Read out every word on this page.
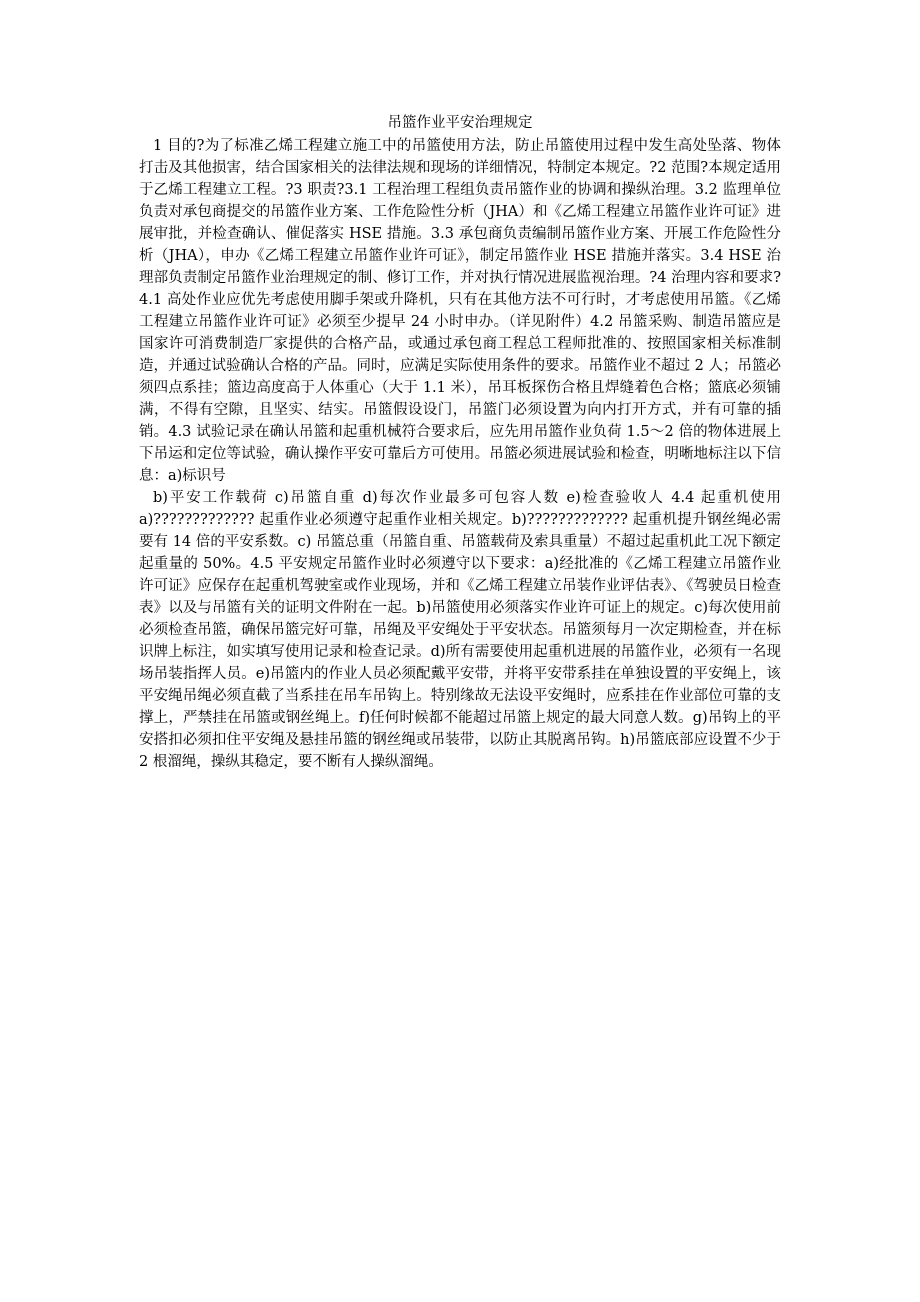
吊篮作业平安治理规定

1 目的?为了标准乙烯工程建立施工中的吊篮使用方法，防止吊篮使用过程中发生高处坠落、物体打击及其他损害，结合国家相关的法律法规和现场的详细情况，特制定本规定。?2 范围?本规定适用于乙烯工程建立工程。?3 职责?3.1 工程治理工程组负责吊篮作业的协调和操纵治理。3.2 监理单位负责对承包商提交的吊篮作业方案、工作危险性分析（JHA）和《乙烯工程建立吊篮作业许可证》进展审批，并检查确认、催促落实 HSE 措施。3.3 承包商负责编制吊篮作业方案、开展工作危险性分析（JHA），申办《乙烯工程建立吊篮作业许可证》，制定吊篮作业 HSE 措施并落实。3.4 HSE 治理部负责制定吊篮作业治理规定的制、修订工作，并对执行情况进展监视治理。?4 治理内容和要求?4.1 高处作业应优先考虑使用脚手架或升降机，只有在其他方法不可行时，才考虑使用吊篮。《乙烯工程建立吊篮作业许可证》必须至少提早 24 小时申办。（详见附件）4.2 吊篮采购、制造吊篮应是国家许可消费制造厂家提供的合格产品，或通过承包商工程总工程师批准的、按照国家相关标准制造，并通过试验确认合格的产品。同时，应满足实际使用条件的要求。吊篮作业不超过 2 人；吊篮必须四点系挂；篮边高度高于人体重心（大于 1.1 米），吊耳板探伤合格且焊缝着色合格；篮底必须铺满，不得有空隙，且坚实、结实。吊篮假设设门，吊篮门必须设置为向内打开方式，并有可靠的插销。4.3 试验记录在确认吊篮和起重机械符合要求后，应先用吊篮作业负荷 1.5～2 倍的物体进展上下吊运和定位等试验，确认操作平安可靠后方可使用。吊篮必须进展试验和检查，明晰地标注以下信息：a)标识号

b)平安工作载荷 c)吊篮自重 d)每次作业最多可包容人数 e)检查验收人 4.4 起重机使用 a)????????????? 起重作业必须遵守起重作业相关规定。b)????????????? 起重机提升钢丝绳必需要有 14 倍的平安系数。c) 吊篮总重（吊篮自重、吊篮载荷及索具重量）不超过起重机此工况下额定起重量的 50%。4.5 平安规定吊篮作业时必须遵守以下要求：a)经批准的《乙烯工程建立吊篮作业许可证》应保存在起重机驾驶室或作业现场，并和《乙烯工程建立吊装作业评估表》、《驾驶员日检查表》以及与吊篮有关的证明文件附在一起。b)吊篮使用必须落实作业许可证上的规定。c)每次使用前必须检查吊篮，确保吊篮完好可靠，吊绳及平安绳处于平安状态。吊篮须每月一次定期检查，并在标识牌上标注，如实填写使用记录和检查记录。d)所有需要使用起重机进展的吊篮作业，必须有一名现场吊装指挥人员。e)吊篮内的作业人员必须配戴平安带，并将平安带系挂在单独设置的平安绳上，该平安绳吊绳必须直截了当系挂在吊车吊钩上。特别缘故无法设平安绳时，应系挂在作业部位可靠的支撑上，严禁挂在吊篮或钢丝绳上。f)任何时候都不能超过吊篮上规定的最大同意人数。g)吊钩上的平安搭扣必须扣住平安绳及悬挂吊篮的钢丝绳或吊装带，以防止其脱离吊钩。h)吊篮底部应设置不少于 2 根溜绳，操纵其稳定，要不断有人操纵溜绳。
